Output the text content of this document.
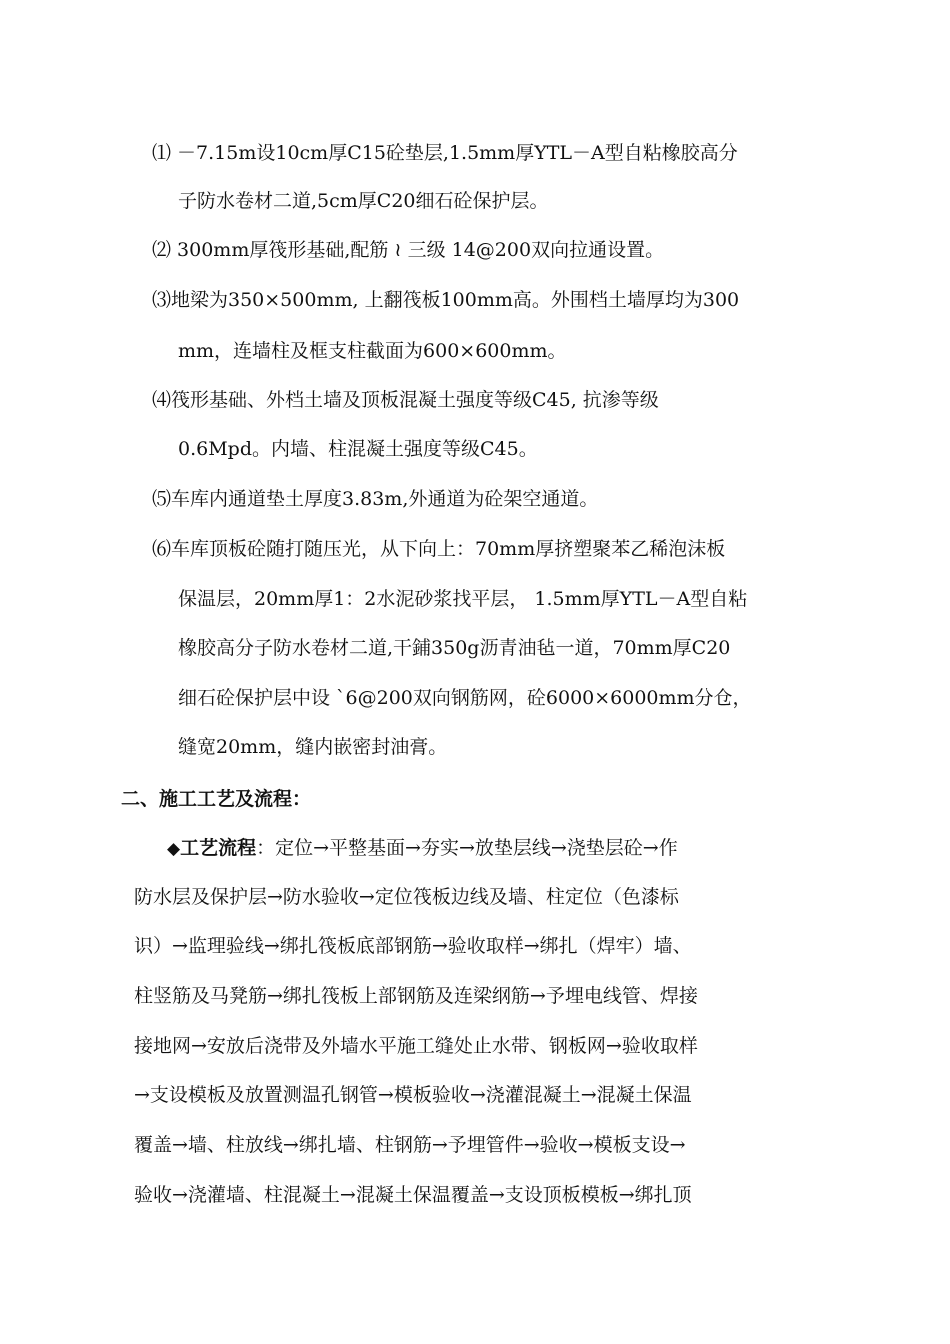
⑴ －7.15m设10cm厚C15砼垫层,1.5mm厚YTL－A型自粘橡胶高分
子防水卷材二道,5cm厚C20细石砼保护层。
⑵ 300mm厚筏形基础,配筋 ≀ 三级 14@200双向拉通设置。
⑶地梁为350×500mm, 上翻筏板100mm高。外围档土墙厚均为300
mm，连墙柱及框支柱截面为600×600mm。
⑷筏形基础、外档土墙及顶板混凝土强度等级C45, 抗渗等级
0.6Mpd。内墙、柱混凝土强度等级C45。
⑸车库内通道垫土厚度3.83m,外通道为砼架空通道。
⑹车库顶板砼随打随压光，从下向上：70mm厚挤塑聚苯乙稀泡沫板
保温层，20mm厚1：2水泥砂浆找平层， 1.5mm厚YTL－A型自粘
橡胶高分子防水卷材二道,干鋪350g沥青油毡一道，70mm厚C20
细石砼保护层中设 `6@200双向钢筋网，砼6000×6000mm分仓，
缝宽20mm，缝内嵌密封油膏。
二、施工工艺及流程：
◆工艺流程：定位→平整基面→夯实→放垫层线→浇垫层砼→作
防水层及保护层→防水验收→定位筏板边线及墙、柱定位（色漆标
识）→监理验线→绑扎筏板底部钢筋→验收取样→绑扎（焊牢）墙、
柱竖筋及马凳筋→绑扎筏板上部钢筋及连梁纲筋→予埋电线管、焊接
接地网→安放后浇带及外墙水平施工缝处止水带、钢板网→验收取样
→支设模板及放置测温孔钢管→模板验收→浇灌混凝土→混凝土保温
覆盖→墙、柱放线→绑扎墙、柱钢筋→予埋管件→验收→模板支设→
验收→浇灌墙、柱混凝土→混凝土保温覆盖→支设顶板模板→绑扎顶
